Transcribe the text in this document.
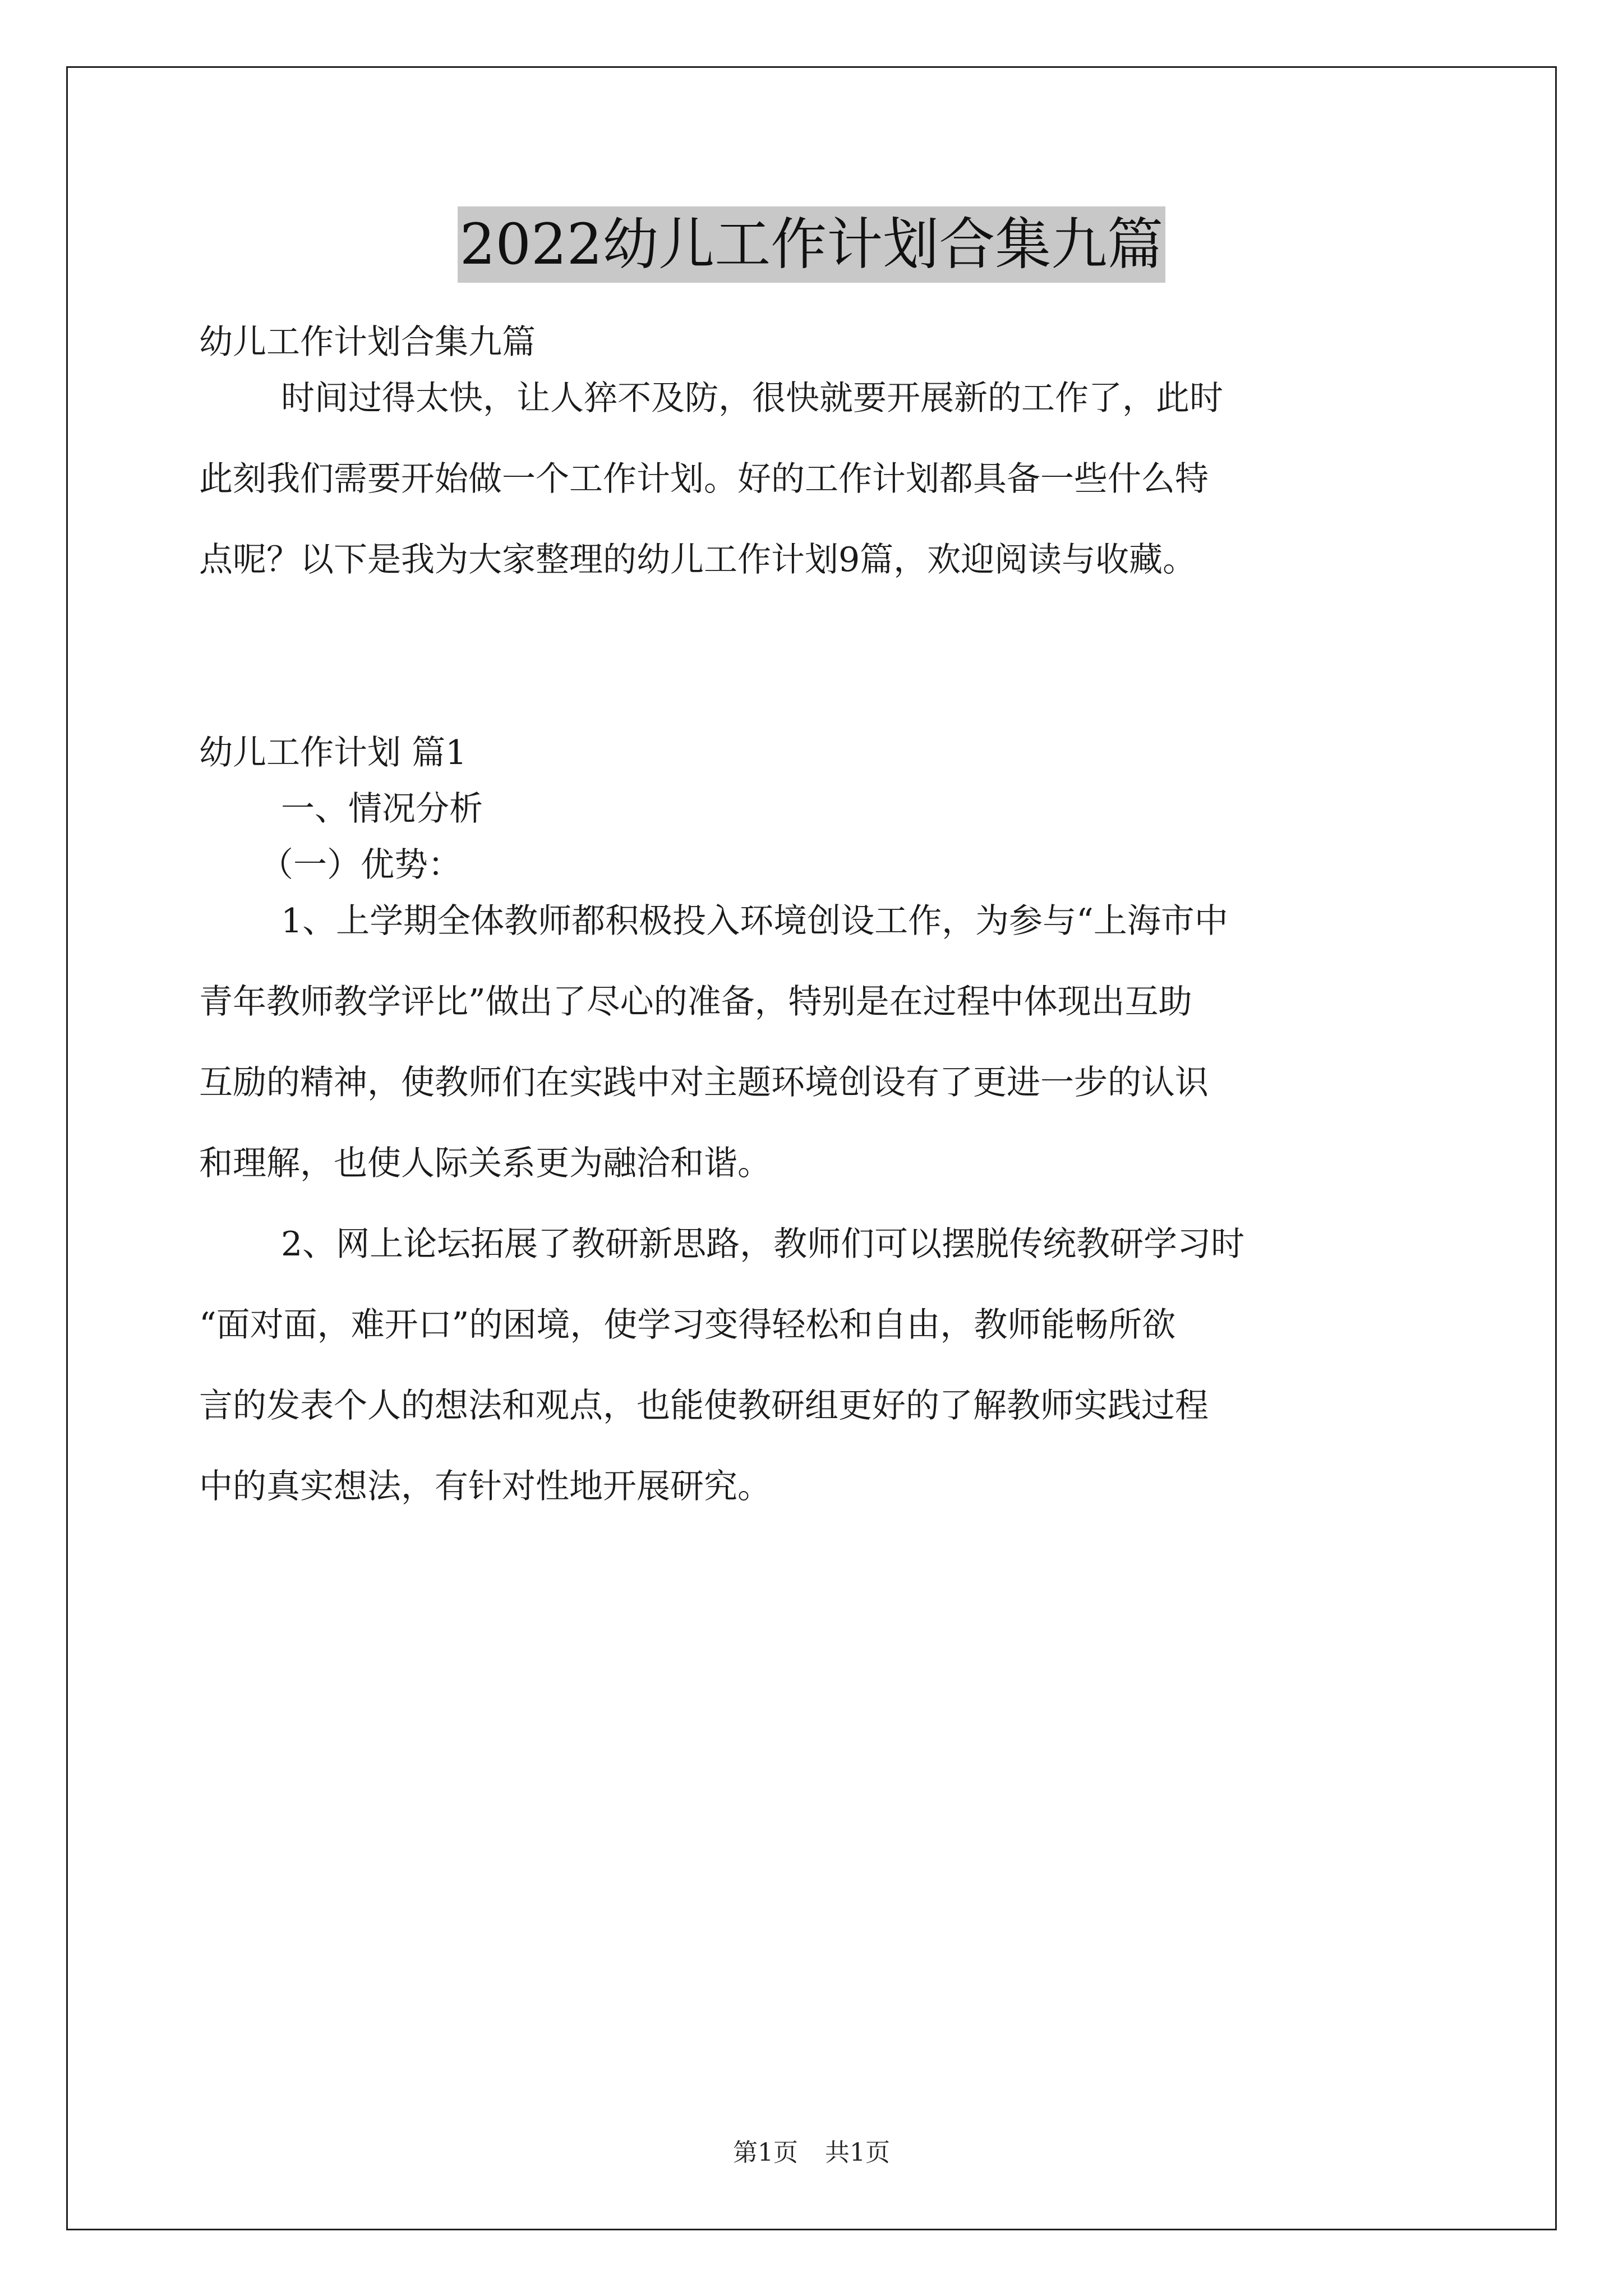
2022幼儿工作计划合集九篇

幼儿工作计划合集九篇

时间过得太快，让人猝不及防，很快就要开展新的工作了，此时

此刻我们需要开始做一个工作计划。好的工作计划都具备一些什么特

点呢？以下是我为大家整理的幼儿工作计划9篇，欢迎阅读与收藏。

幼儿工作计划 篇1

一、情况分析

（一）优势：

1、上学期全体教师都积极投入环境创设工作，为参与“上海市中

青年教师教学评比”做出了尽心的准备，特别是在过程中体现出互助

互励的精神，使教师们在实践中对主题环境创设有了更进一步的认识

和理解，也使人际关系更为融洽和谐。

2、网上论坛拓展了教研新思路，教师们可以摆脱传统教研学习时

“面对面，难开口”的困境，使学习变得轻松和自由，教师能畅所欲

言的发表个人的想法和观点，也能使教研组更好的了解教师实践过程

中的真实想法，有针对性地开展研究。

第1页 共1页
